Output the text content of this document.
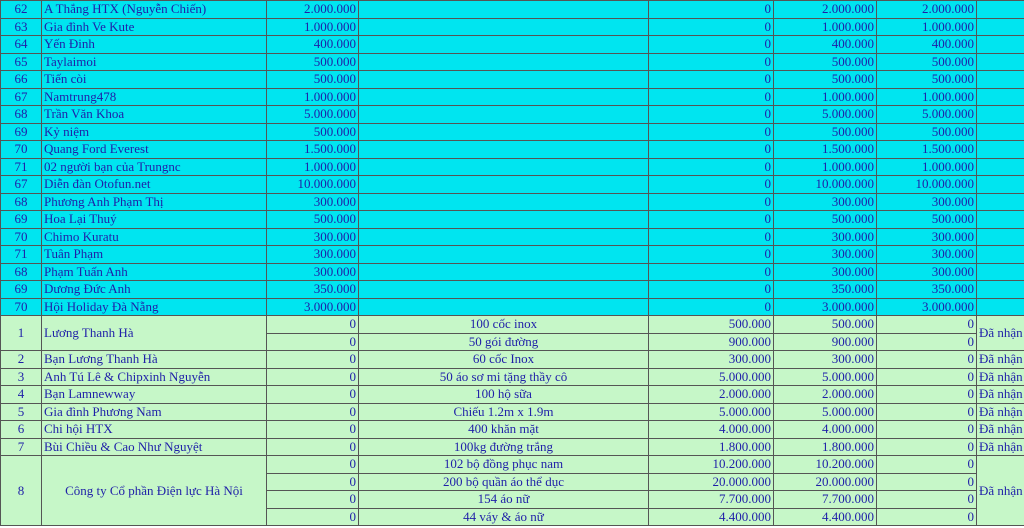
62	A Thắng HTX (Nguyễn Chiến)	2.000.000		0	2.000.000	2.000.000	
63	Gia đình Ve Kute	1.000.000		0	1.000.000	1.000.000	
64	Yến Đinh	400.000		0	400.000	400.000	
65	Taylaimoi	500.000		0	500.000	500.000	
66	Tiến còi	500.000		0	500.000	500.000	
67	Namtrung478	1.000.000		0	1.000.000	1.000.000	
68	Trần Văn Khoa	5.000.000		0	5.000.000	5.000.000	
69	Kỷ niệm	500.000		0	500.000	500.000	
70	Quang Ford Everest	1.500.000		0	1.500.000	1.500.000	
71	02 người bạn của Trungnc	1.000.000		0	1.000.000	1.000.000	
67	Diễn đàn Otofun.net	10.000.000		0	10.000.000	10.000.000	
68	Phương Anh Phạm Thị	300.000		0	300.000	300.000	
69	Hoa Lại Thuý	500.000		0	500.000	500.000	
70	Chimo Kuratu	300.000		0	300.000	300.000	
71	Tuân Phạm	300.000		0	300.000	300.000	
68	Phạm Tuấn Anh	300.000		0	300.000	300.000	
69	Dương Đức Anh	350.000		0	350.000	350.000	
70	Hội Holiday Đà Nẵng	3.000.000		0	3.000.000	3.000.000	
1	Lương Thanh Hà	0	100 cốc inox	500.000	500.000	0	Đã nhận
		0	50 gói đường	900.000	900.000	0	
2	Bạn Lương Thanh Hà	0	60 cốc Inox	300.000	300.000	0	Đã nhận
3	Anh Tú Lê & Chipxinh Nguyễn	0	50 áo sơ mi tặng thầy cô	5.000.000	5.000.000	0	Đã nhận
4	Bạn Lamnewway	0	100 hộ sữa	2.000.000	2.000.000	0	Đã nhận
5	Gia đình Phương Nam	0	Chiếu 1.2m x 1.9m	5.000.000	5.000.000	0	Đã nhận
6	Chi hội HTX	0	400 khăn mặt	4.000.000	4.000.000	0	Đã nhận
7	Bùi Chiều & Cao Như Nguyệt	0	100kg đường trắng	1.800.000	1.800.000	0	Đã nhận
8	Công ty Cổ phần Điện lực Hà Nội	0	102 bộ đồng phục nam	10.200.000	10.200.000	0	Đã nhận
		0	200 bộ quần áo thể dục	20.000.000	20.000.000	0	
		0	154 áo nữ	7.700.000	7.700.000	0	
		0	44 váy & áo nữ	4.400.000	4.400.000	0	
